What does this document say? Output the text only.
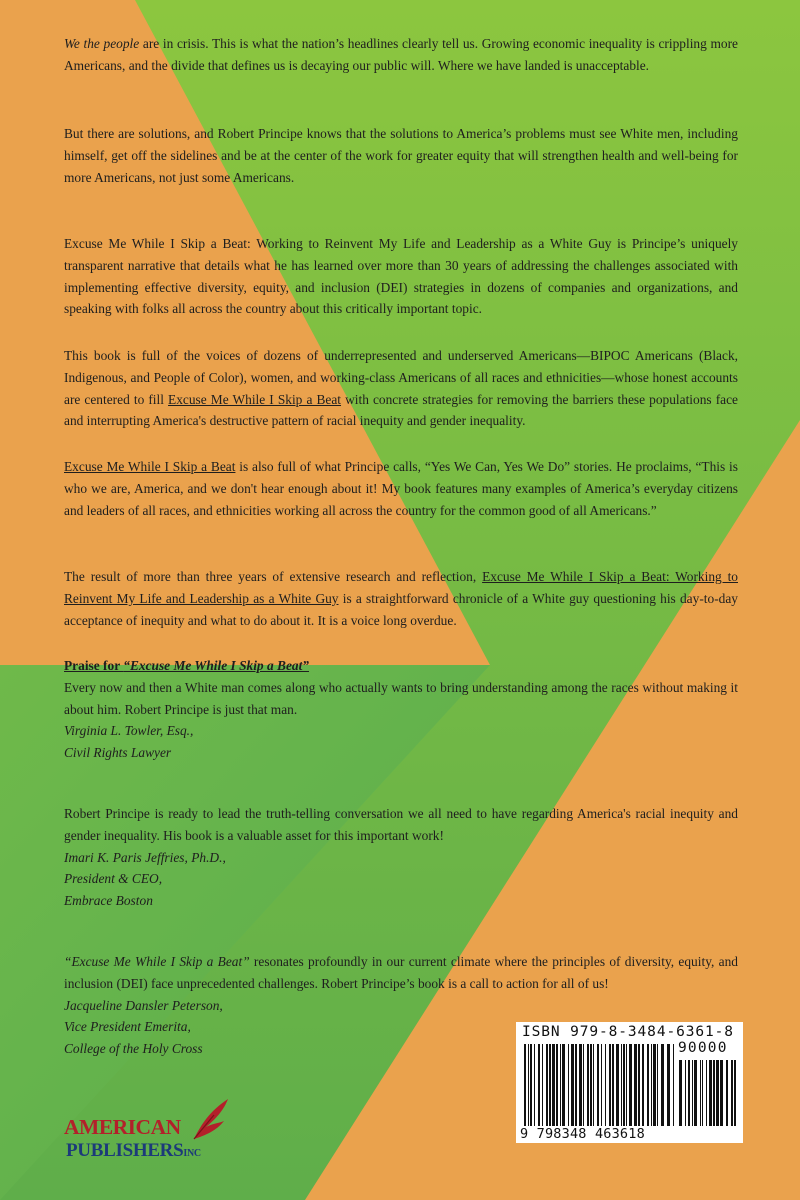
We the people are in crisis. This is what the nation’s headlines clearly tell us. Growing economic inequality is crippling more Americans, and the divide that defines us is decaying our public will. Where we have landed is unacceptable.

But there are solutions, and Robert Principe knows that the solutions to America’s problems must see White men, including himself, get off the sidelines and be at the center of the work for greater equity that will strengthen health and well-being for more Americans, not just some Americans.

Excuse Me While I Skip a Beat: Working to Reinvent My Life and Leadership as a White Guy is Principe’s uniquely transparent narrative that details what he has learned over more than 30 years of addressing the challenges associated with implementing effective diversity, equity, and inclusion (DEI) strategies in dozens of companies and organizations, and speaking with folks all across the country about this critically important topic.

This book is full of the voices of dozens of underrepresented and underserved Americans—BIPOC Americans (Black, Indigenous, and People of Color), women, and working-class Americans of all races and ethnicities—whose honest accounts are centered to fill Excuse Me While I Skip a Beat with concrete strategies for removing the barriers these populations face and interrupting America's destructive pattern of racial inequity and gender inequality.

Excuse Me While I Skip a Beat is also full of what Principe calls, “Yes We Can, Yes We Do” stories. He proclaims, “This is who we are, America, and we don't hear enough about it! My book features many examples of America’s everyday citizens and leaders of all races, and ethnicities working all across the country for the common good of all Americans.”

The result of more than three years of extensive research and reflection, Excuse Me While I Skip a Beat: Working to Reinvent My Life and Leadership as a White Guy is a straightforward chronicle of a White guy questioning his day-to-day acceptance of inequity and what to do about it. It is a voice long overdue.

Praise for “Excuse Me While I Skip a Beat”

Every now and then a White man comes along who actually wants to bring understanding among the races without making it about him. Robert Principe is just that man.

Virginia L. Towler, Esq.,
Civil Rights Lawyer

Robert Principe is ready to lead the truth-telling conversation we all need to have regarding America's racial inequity and gender inequality. His book is a valuable asset for this important work!

Imari K. Paris Jeffries, Ph.D.,
President & CEO,
Embrace Boston

“Excuse Me While I Skip a Beat” resonates profoundly in our current climate where the principles of diversity, equity, and inclusion (DEI) face unprecedented challenges. Robert Principe’s book is a call to action for all of us!

Jacqueline Dansler Peterson,
Vice President Emerita,
College of the Holy Cross
ISBN 979-8-3484-6361-8
90000
9 798348 463618
AMERICAN
PUBLISHERSINC
